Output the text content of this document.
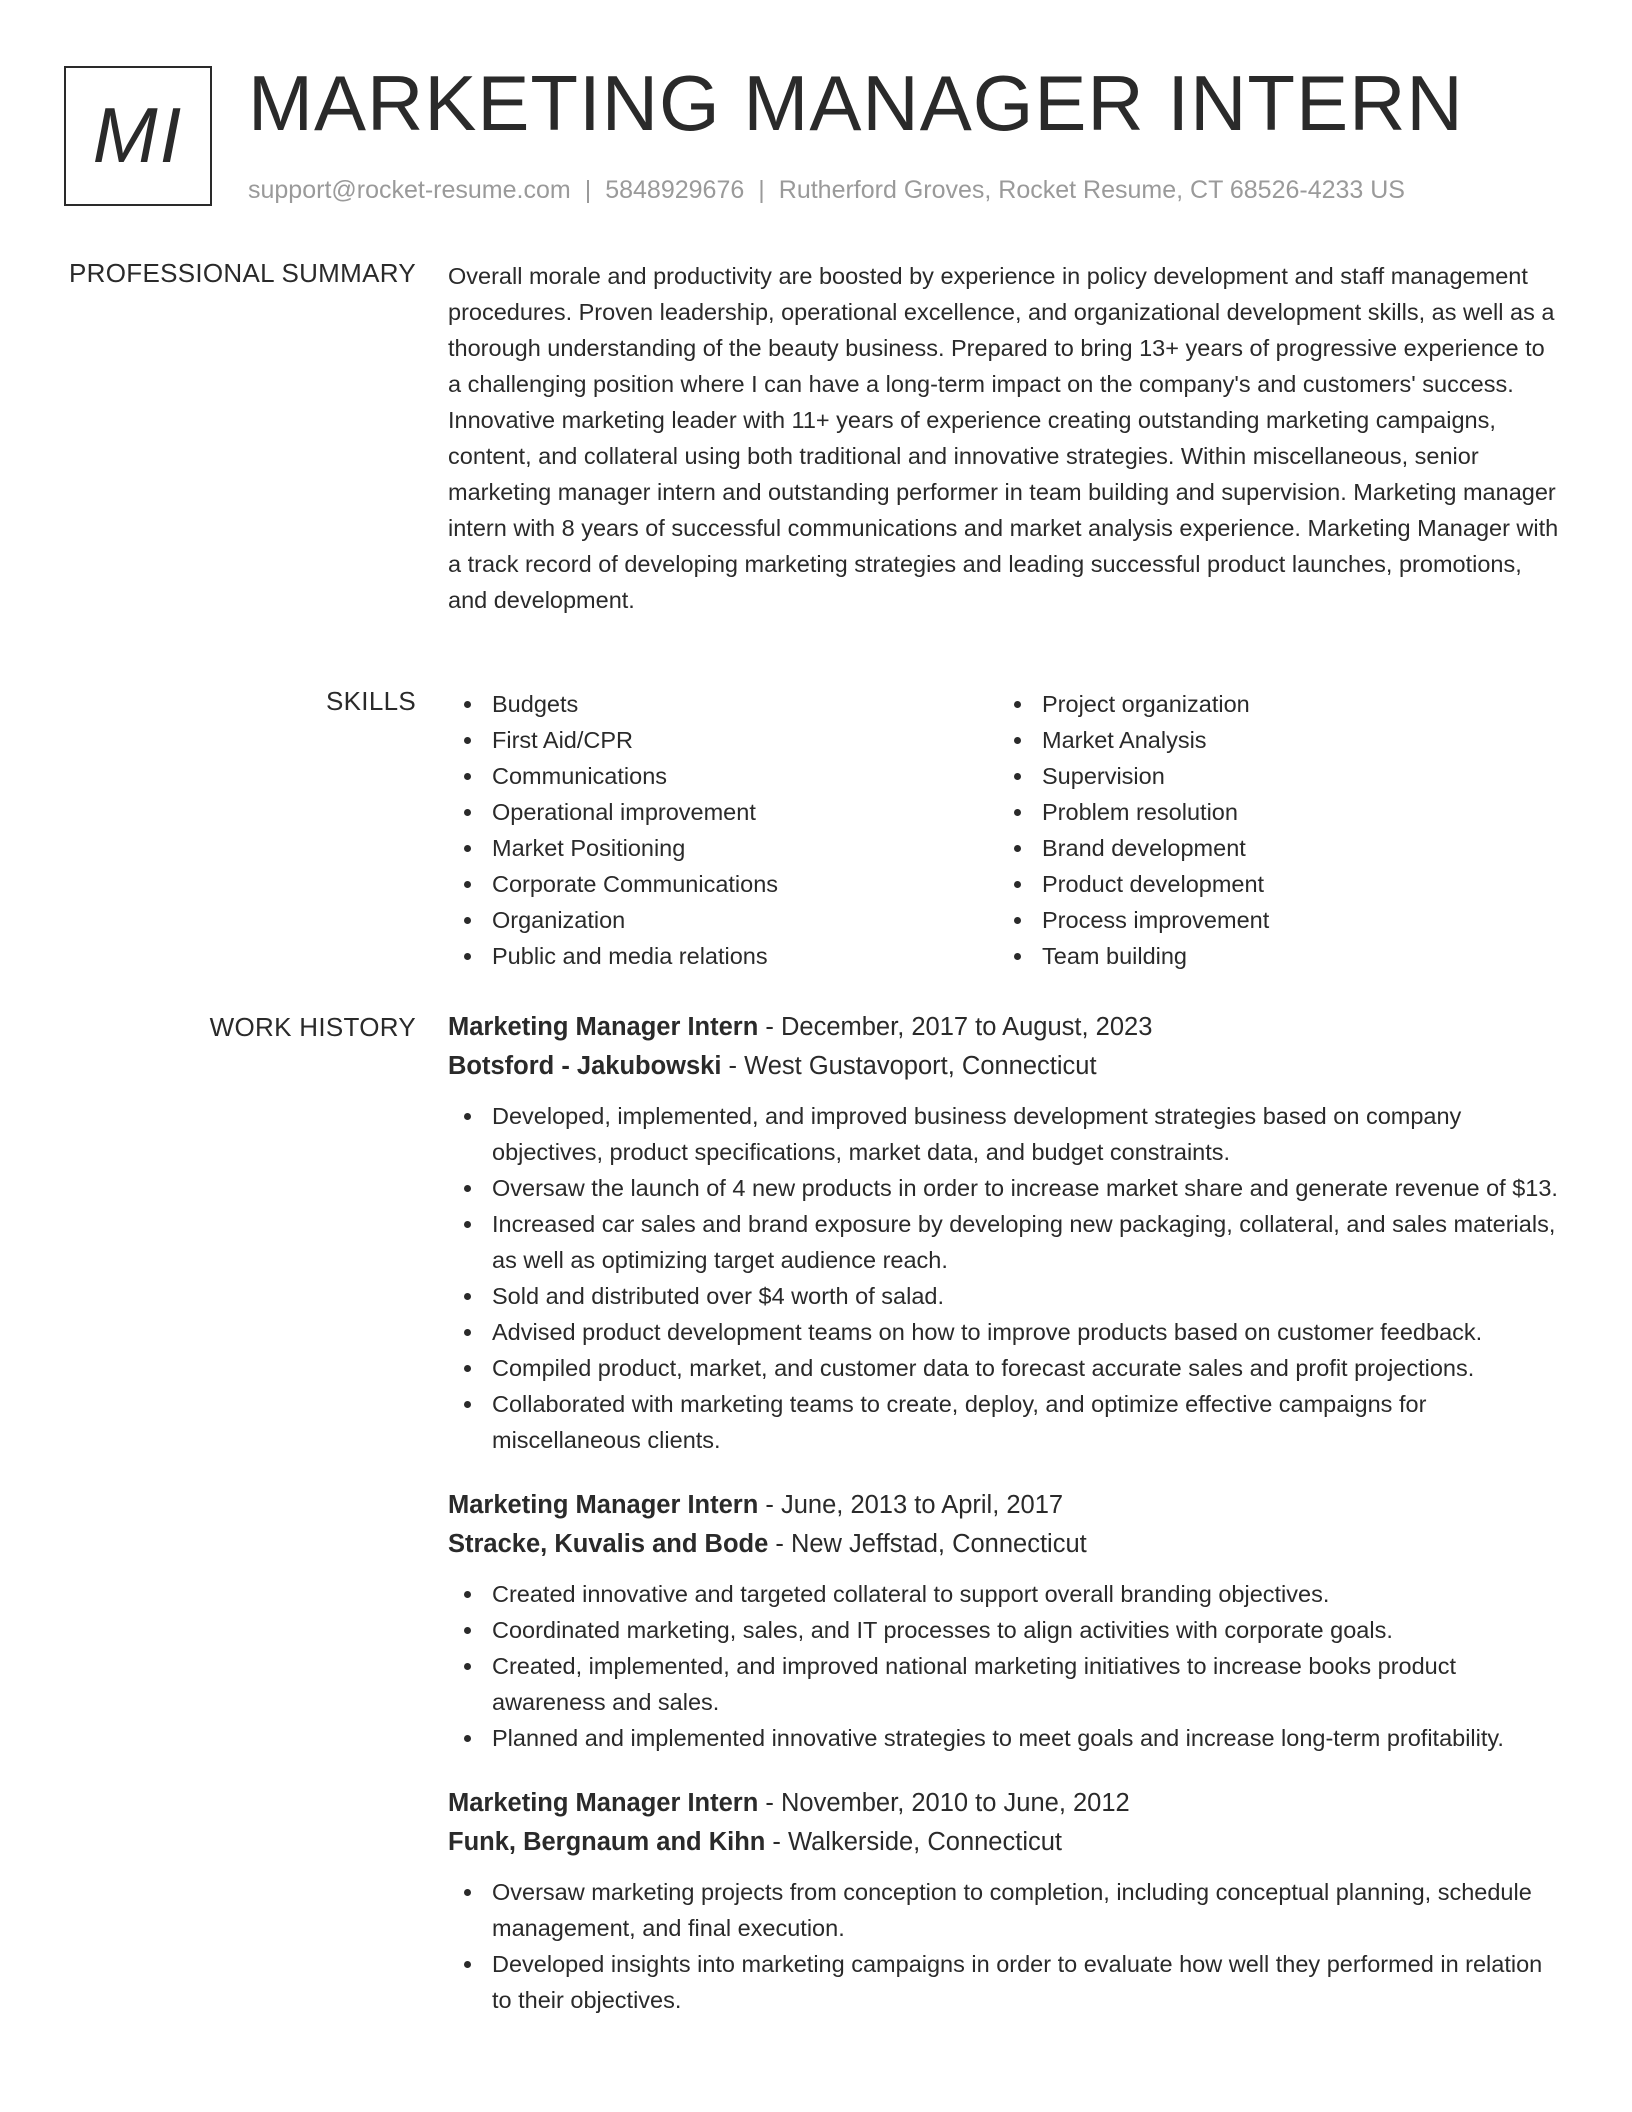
MI MARKETING MANAGER INTERN
support@rocket-resume.com | 5848929676 | Rutherford Groves, Rocket Resume, CT 68526-4233 US
PROFESSIONAL SUMMARY Overall morale and productivity are boosted by experience in policy development and staff management procedures. Proven leadership, operational excellence, and organizational development skills, as well as a thorough understanding of the beauty business. Prepared to bring 13+ years of progressive experience to a challenging position where I can have a long-term impact on the company's and customers' success. Innovative marketing leader with 11+ years of experience creating outstanding marketing campaigns, content, and collateral using both traditional and innovative strategies. Within miscellaneous, senior marketing manager intern and outstanding performer in team building and supervision. Marketing manager intern with 8 years of successful communications and market analysis experience. Marketing Manager with a track record of developing marketing strategies and leading successful product launches, promotions, and development.

SKILLS	Budgets
First Aid/CPR
Communications
Operational improvement
Market Positioning
Corporate Communications
Organization
Public and media relations
Project organization
Market Analysis
Supervision
Problem resolution
Brand development
Product development
Process improvement
Team building
WORK HISTORY Marketing Manager Intern - December, 2017 to August, 2023
Botsford - Jakubowski - West Gustavoport, Connecticut
Developed, implemented, and improved business development strategies based on company objectives, product specifications, market data, and budget constraints.
Oversaw the launch of 4 new products in order to increase market share and generate revenue of $13.
Increased car sales and brand exposure by developing new packaging, collateral, and sales materials, as well as optimizing target audience reach.
Sold and distributed over $4 worth of salad.
Advised product development teams on how to improve products based on customer feedback.
Compiled product, market, and customer data to forecast accurate sales and profit projections.
Collaborated with marketing teams to create, deploy, and optimize effective campaigns for miscellaneous clients.
Marketing Manager Intern - June, 2013 to April, 2017
Stracke, Kuvalis and Bode - New Jeffstad, Connecticut
Created innovative and targeted collateral to support overall branding objectives.
Coordinated marketing, sales, and IT processes to align activities with corporate goals.
Created, implemented, and improved national marketing initiatives to increase books product awareness and sales.
Planned and implemented innovative strategies to meet goals and increase long-term profitability.
Marketing Manager Intern - November, 2010 to June, 2012
Funk, Bergnaum and Kihn - Walkerside, Connecticut
Oversaw marketing projects from conception to completion, including conceptual planning, schedule management, and final execution.
Developed insights into marketing campaigns in order to evaluate how well they performed in relation to their objectives.
